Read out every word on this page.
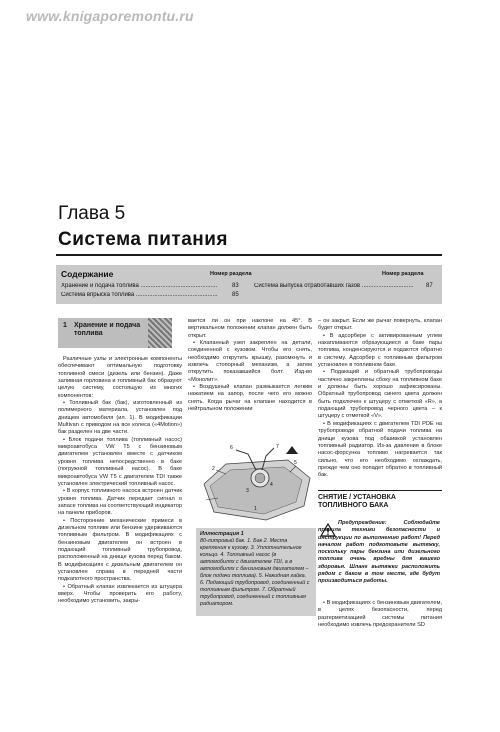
www.knigaporemontu.ru
Глава 5
Система питания
Содержание	Номер раздела	Номер раздела
Хранение и подача топлива ..............................................	83
Система впрыска топлива .................................................	85
Система выпуска отработавших газов ...............................	87
1 Хранение и подача топлива

Различные узлы и электронные компоненты обеспечивают оптимальную подготовку топливной смеси (дизель или бензин). Даже заливная горловина и топливный бак образуют целую систему, состоящую из многих компонентов:

• Топливный бак (бак), изготовленный из полимерного материала, установлен под днищем автомобиля (ил. 1). В модификации Multivan с приводом на все колеса («4Motion») бак разделен на две части.

• Блок подачи топлива (топливный насос) микроавтобуса VW T5 с бензиновым двигателем установлен вместе с датчиком уровня топлива непосредственно в баке (погружной топливный насос). В баке микроавтобуса VW T5 с двигателем TDI также установлен электрический топливный насос.

• В корпус топливного насоса встроен датчик уровня топлива. Датчик передает сигнал о запасе топлива на соответствующий индикатор на панели приборов.

• Посторонние механические примеси в дизельном топливе или бензине удерживаются топливным фильтром. В модификациях с бензиновым двигателем он встроен в подающий топливный трубопровод, расположенный на днище кузова перед баком. В модификациях с дизельным двигателем он установлен справа в передней части подкапотного пространства.

• Обратный клапан извлекается из штуцера вверх. Чтобы проверить его работу, необходимо установить, закры-

вается ли он при наклоне на 45°. В вертикальном положении клапан должен быть открыт.

• Клапанный узел закреплен на детали, соединенной с кузовом. Чтобы его снять, необходимо открутить крышку, разомкнуть и извлечь стопорный механизм, а затем открутить показавшийся болт. Изд-во «Монолит».

• Воздушный клапан размыкается легким нажатием на запор, после чего его можно снять. Когда рычаг на клапане находится в нейтральном положении

6	7
3
4
2
1
5
Иллюстрация 1
80-литровый бак. 1. Бак 2. Места крепления к кузову. 3. Уплотнительное кольцо. 4. Топливный насос (в автомобилях с двигателем TDI, а в автомобилях с бензиновым двигателем – блок подачи топлива). 5. Накидная гайка. 6. Подающий трубопровод, соединенный с топливным фильтром. 7. Обратный трубопровод, соединенный с топливным радиатором.

– он закрыт. Если же рычаг повернуть, клапан будет открыт.

• В адсорбере с активированным углем накапливаются образующиеся в баке пары топлива, конденсируются и подаются обратно в систему. Адсорбер с топливным фильтром установлен в топливном баке.

• Подающий и обратный трубопроводы частично закреплены сбоку на топливном баке и должны быть хорошо зафиксированы. Обратный трубопровод синего цвета должен быть подключен к штуцеру с отметкой «R», а подающий трубопровод черного цвета – к штуцеру с отметкой «V».

• В модификациях с двигателем TDI PDE на трубопроводе обратной подачи топлива на днище кузова под обшивкой установлен топливный радиатор. Из-за давления в блоке насос-форсунка топливо нагревается так сильно, что его необходимо охлаждать, прежде чем оно попадет обратно в топливный бак.

СНЯТИЕ / УСТАНОВКА ТОПЛИВНОГО БАКА
Предупреждение: Соблюдайте правила техники безопасности и инструкции по выполнению работ! Перед началом работ подготовьте вытяжку, поскольку пары бензина или дизельного топлива очень вредны для вашего здоровья. Шланг вытяжки расположить рядом с баком в том месте, где будут производиться работы.

• В модификациях с бензиновым двигателем, в целях безопасности, перед разгерметизацией системы питания необходимо извлечь предохранители SD
